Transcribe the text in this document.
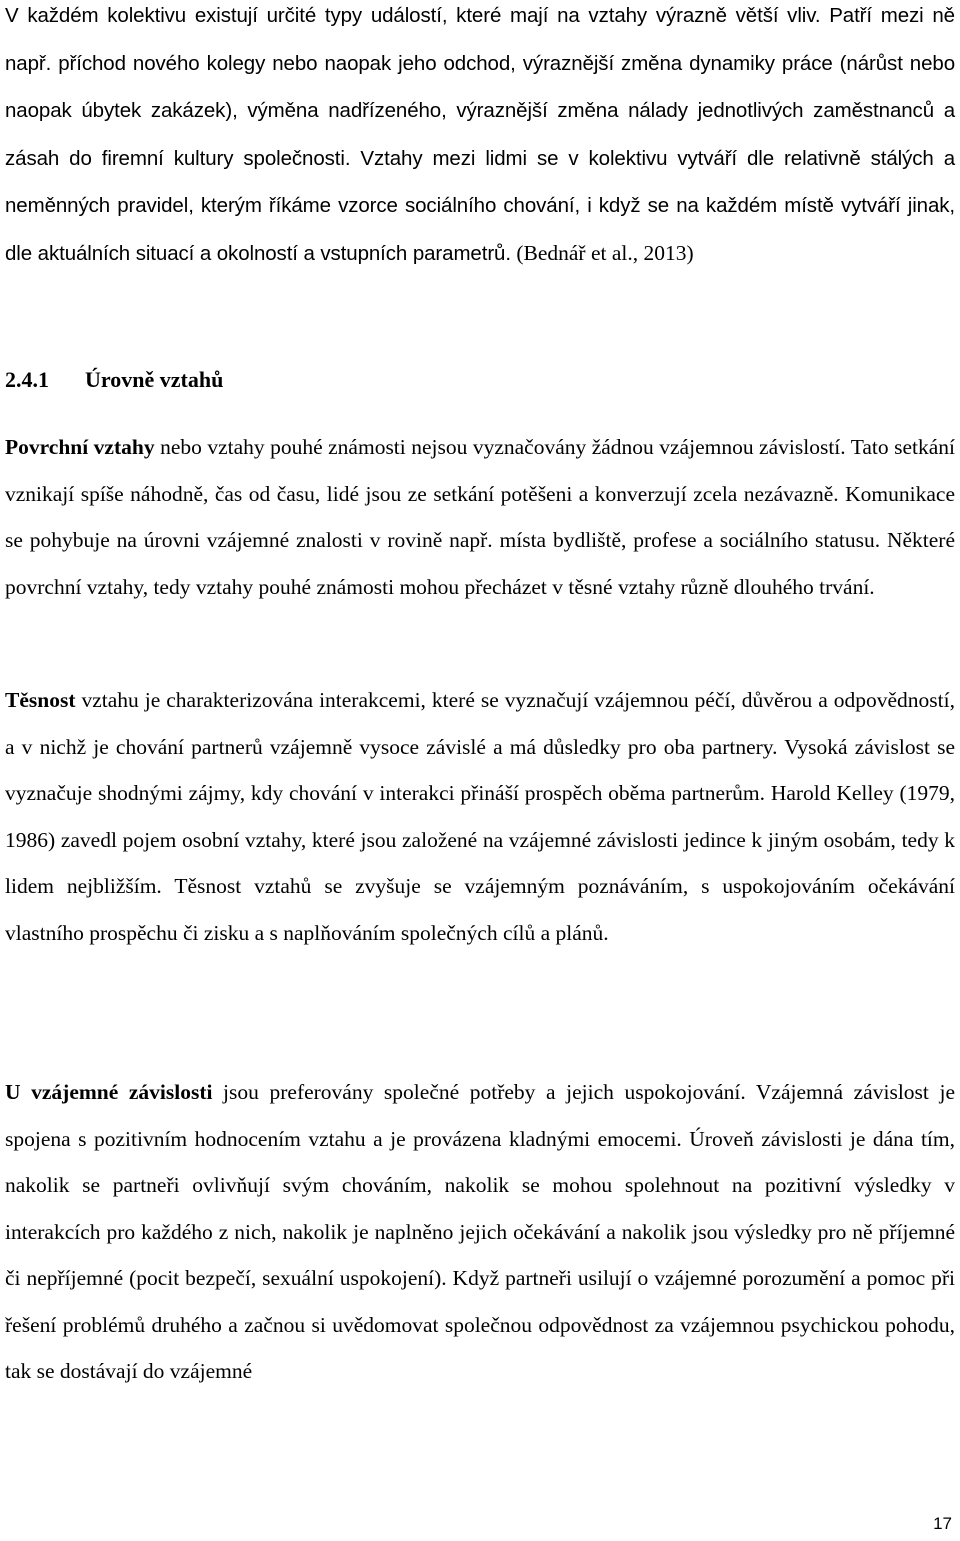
V každém kolektivu existují určité typy událostí, které mají na vztahy výrazně větší vliv. Patří mezi ně např. příchod nového kolegy nebo naopak jeho odchod, výraznější změna dynamiky práce (nárůst nebo naopak úbytek zakázek), výměna nadřízeného, výraznější změna nálady jednotlivých zaměstnanců a zásah do firemní kultury společnosti. Vztahy mezi lidmi se v kolektivu vytváří dle relativně stálých a neměnných pravidel, kterým říkáme vzorce sociálního chování, i když se na každém místě vytváří jinak, dle aktuálních situací a okolností a vstupních parametrů. (Bednář et al., 2013)

2.4.1 Úrovně vztahů

Povrchní vztahy nebo vztahy pouhé známosti nejsou vyznačovány žádnou vzájemnou závislostí. Tato setkání vznikají spíše náhodně, čas od času, lidé jsou ze setkání potěšeni a konverzují zcela nezávazně. Komunikace se pohybuje na úrovni vzájemné znalosti v rovině např. místa bydliště, profese a sociálního statusu. Některé povrchní vztahy, tedy vztahy pouhé známosti mohou přecházet v těsné vztahy různě dlouhého trvání.

Těsnost vztahu je charakterizována interakcemi, které se vyznačují vzájemnou péčí, důvěrou a odpovědností, a v nichž je chování partnerů vzájemně vysoce závislé a má důsledky pro oba partnery. Vysoká závislost se vyznačuje shodnými zájmy, kdy chování v interakci přináší prospěch oběma partnerům. Harold Kelley (1979, 1986) zavedl pojem osobní vztahy, které jsou založené na vzájemné závislosti jedince k jiným osobám, tedy k lidem nejbližším. Těsnost vztahů se zvyšuje se vzájemným poznáváním, s uspokojováním očekávání vlastního prospěchu či zisku a s naplňováním společných cílů a plánů.

U vzájemné závislosti jsou preferovány společné potřeby a jejich uspokojování. Vzájemná závislost je spojena s pozitivním hodnocením vztahu a je provázena kladnými emocemi. Úroveň závislosti je dána tím, nakolik se partneři ovlivňují svým chováním, nakolik se mohou spolehnout na pozitivní výsledky v interakcích pro každého z nich, nakolik je naplněno jejich očekávání a nakolik jsou výsledky pro ně příjemné či nepříjemné (pocit bezpečí, sexuální uspokojení). Když partneři usilují o vzájemné porozumění a pomoc při řešení problémů druhého a začnou si uvědomovat společnou odpovědnost za vzájemnou psychickou pohodu, tak se dostávají do vzájemné

17
